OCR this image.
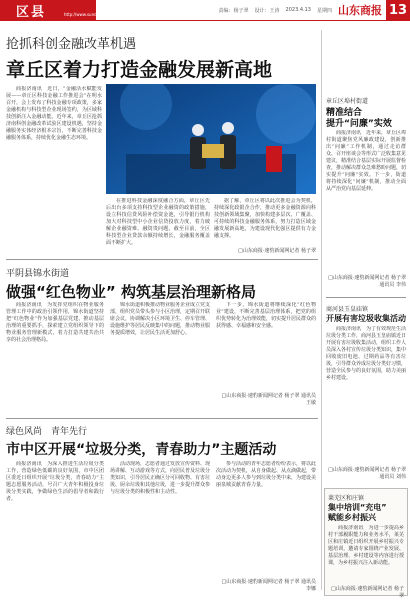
区县	http://www.sundaonline.com
责编：杨子翠 设计：王涛 2023.4.13 星期四 山东商报 13
抢抓科创金融改革机遇
章丘区着力打造金融发展新高地
商报济南讯　近日，“金融活水赋能发展——章丘区科技金融工作推进会”在明水召开，会上发布了科技金融专项政策，多家金融机构与科技型企业现场签约，为区域科技创新注入金融动能。近年来，章丘区抢抓济南科创金融改革试验区建设机遇，坚持金融服务实体经济根本宗旨，不断完善科技金融服务体系，持续优化金融生态环境。
在推进科技金融深度融合方面，章丘区先后出台多项支持科技型企业融资的政策措施，设立科技信贷风险补偿资金池，引导银行机构加大对科技型中小企业信贷投放力度，着力破解企业融资难、融资贵问题。截至目前，全区科技型企业贷款余额持续增长，金融服务覆盖面不断扩大。
据了解，章丘区将以此次推进会为契机，持续深化政银企合作，推动更多金融资源向科技创新领域集聚，加快构建多层次、广覆盖、可持续的科技金融服务体系，努力打造区域金融发展新高地，为建设现代化强区提供有力金融支撑。
□山东商报·速豹新闻网记者 杨子翠
章丘区埠村街道
精准结合
提升“问廉”实效
商报济南讯　近年来，章丘区埠村街道聚焦党风廉政建设，创新推出“问廉”工作机制，通过走访群众、召开座谈会等形式广泛收集意见建议，精准结合基层实际开展监督检查，推动解决群众急难愁盼问题，切实提升“问廉”实效。下一步，街道将持续深化“问廉”机制，推动全面从严治党向基层延伸。
□山东商报·速豹新闻网记者 杨子翠 通讯员 李伟
平阴县锦水街道
做强“红色物业” 构筑基层治理新格局
商报济南讯　为发挥党组织在物业服务管理工作中的政治引领作用，锦水街道坚持把“红色物业”作为加强基层党建、推动基层治理的重要抓手，探索建立党组织领导下的物业服务管理新模式，着力打造共建共治共享的社会治理格局。
锦水街道积极推动物业服务企业成立党支部，组织党员带头参与小区治理，定期召开联席会议，协调解决小区环境卫生、停车管理、设施维护等居民反映集中的问题，推动物业服务提质增效，让居民生活更加舒心。
下一步，锦水街道将继续深化“红色物业”建设，不断完善基层治理体系，把党的组织优势转化为治理效能，切实提升居民群众的获得感、幸福感和安全感。
□山东商报·速豹新闻网记者 杨子翠 通讯员 王敏
商河县玉皇庙镇
开展有害垃圾收集活动
商报济南讯　为了有效规范生活垃圾分类工作，商河县玉皇庙镇近日开展有害垃圾收集活动，组织工作人员深入各村宣传垃圾分类知识，集中回收废旧电池、过期药品等有害垃圾，引导群众养成垃圾分类好习惯，营造全民参与的良好氛围，助力美丽乡村建设。
□山东商报·速豹新闻网记者 杨子翠 通讯员 刘伟
绿色风尚　青年先行
市中区开展“垃圾分类，青春助力”主题活动
商报济南讯　为深入推进生活垃圾分类工作，营造绿色低碳的良好氛围，市中区团区委近日组织开展“垃圾分类，青春助力”主题志愿服务活动，号召广大青年积极投身垃圾分类实践，争做绿色生活的倡导者和践行者。
活动现场，志愿者通过发放宣传资料、现场讲解、互动游戏等方式，向居民普及垃圾分类知识，引导居民正确区分可回收物、有害垃圾、厨余垃圾和其他垃圾，进一步提升群众参与垃圾分类的积极性和主动性。
参与活动的青年志愿者纷纷表示，将以此次活动为契机，从自身做起、从点滴做起，带动身边更多人参与到垃圾分类中来，为建设美丽泉城贡献青春力量。
□山东商报·速豹新闻网记者 杨子翠 通讯员 李娜
莱芜区和庄镇
集中培训“充电”
赋能乡村振兴
商报济南讯　为进一步提高乡村干部履职能力和业务水平，莱芜区和庄镇近日组织开展乡村振兴专题培训，邀请专家围绕产业发展、基层治理、乡村建设等内容进行授课，为乡村振兴注入新动能。
□山东商报·速豹新闻网记者 杨子翠
